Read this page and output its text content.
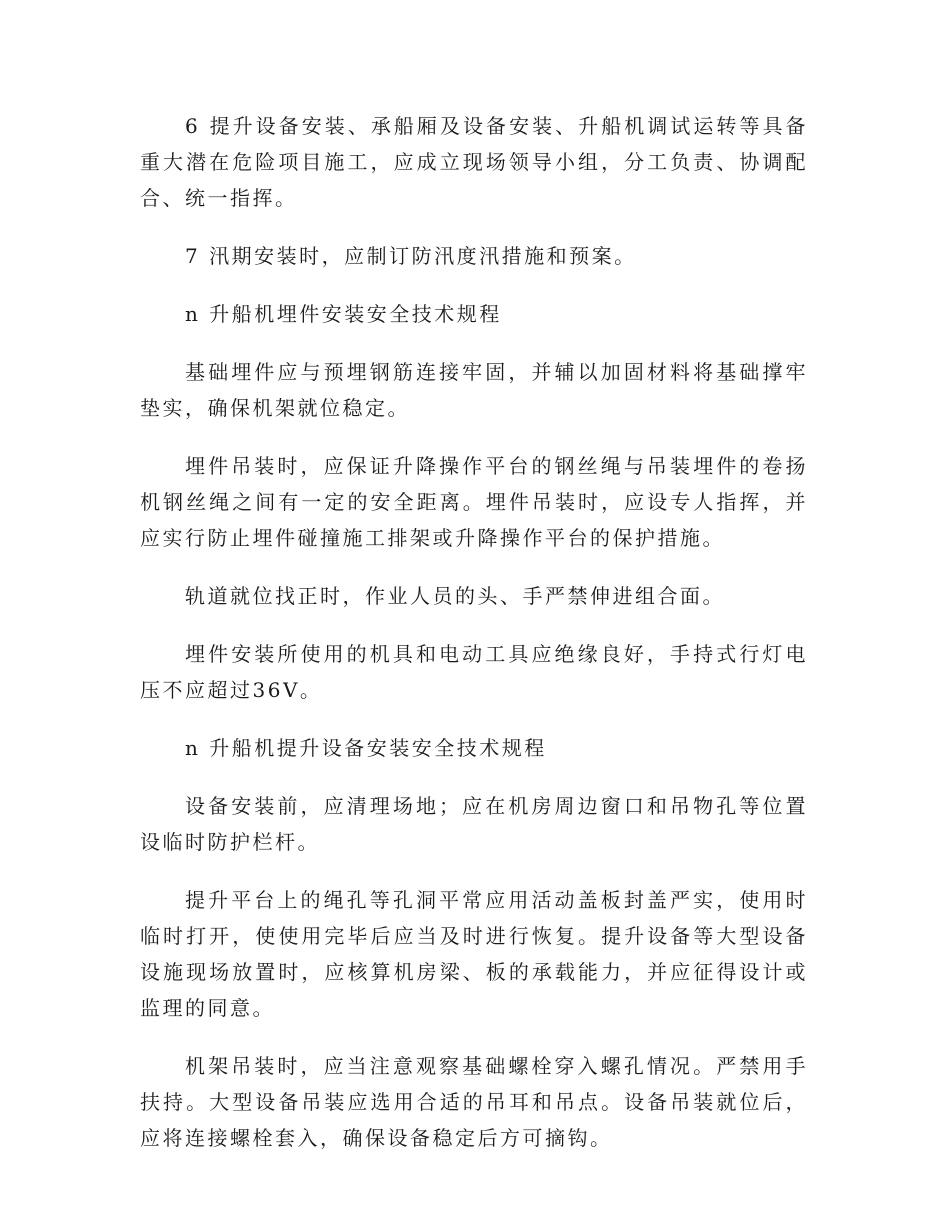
6 提升设备安装、承船厢及设备安装、升船机调试运转等具备重大潜在危险项目施工，应成立现场领导小组，分工负责、协调配合、统一指挥。

7 汛期安装时，应制订防汛度汛措施和预案。

n 升船机埋件安装安全技术规程

基础埋件应与预埋钢筋连接牢固，并辅以加固材料将基础撑牢垫实，确保机架就位稳定。

埋件吊装时，应保证升降操作平台的钢丝绳与吊装埋件的卷扬机钢丝绳之间有一定的安全距离。埋件吊装时，应设专人指挥，并应实行防止埋件碰撞施工排架或升降操作平台的保护措施。

轨道就位找正时，作业人员的头、手严禁伸进组合面。

埋件安装所使用的机具和电动工具应绝缘良好，手持式行灯电压不应超过36V。

n 升船机提升设备安装安全技术规程

设备安装前，应清理场地；应在机房周边窗口和吊物孔等位置设临时防护栏杆。

提升平台上的绳孔等孔洞平常应用活动盖板封盖严实，使用时临时打开，使使用完毕后应当及时进行恢复。提升设备等大型设备设施现场放置时，应核算机房梁、板的承载能力，并应征得设计或监理的同意。

机架吊装时，应当注意观察基础螺栓穿入螺孔情况。严禁用手扶持。大型设备吊装应选用合适的吊耳和吊点。设备吊装就位后，应将连接螺栓套入，确保设备稳定后方可摘钩。
